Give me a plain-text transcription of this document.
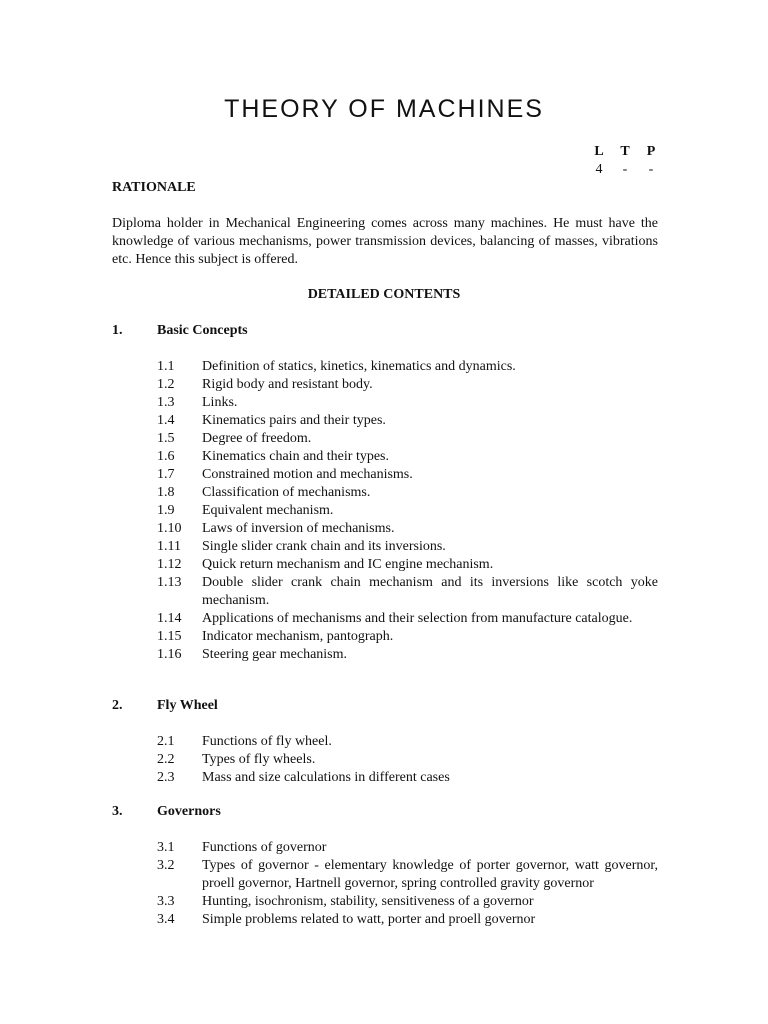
THEORY OF MACHINES
L	T	P
4	-	-
RATIONALE
Diploma holder in Mechanical Engineering comes across many machines. He must have the knowledge of various mechanisms, power transmission devices, balancing of masses, vibrations etc. Hence this subject is offered.
DETAILED CONTENTS
1.	Basic Concepts
1.1	Definition of statics, kinetics, kinematics and dynamics.
1.2	Rigid body and resistant body.
1.3	Links.
1.4	Kinematics pairs and their types.
1.5	Degree of freedom.
1.6	Kinematics chain and their types.
1.7	Constrained motion and mechanisms.
1.8	Classification of mechanisms.
1.9	Equivalent mechanism.
1.10	Laws of inversion of mechanisms.
1.11	Single slider crank chain and its inversions.
1.12	Quick return mechanism and IC engine mechanism.
1.13	Double slider crank chain mechanism and its inversions like scotch yoke mechanism.
1.14	Applications of mechanisms and their selection from manufacture catalogue.
1.15	Indicator mechanism, pantograph.
1.16	Steering gear mechanism.
2.	Fly Wheel
2.1	Functions of fly wheel.
2.2	Types of fly wheels.
2.3	Mass and size calculations in different cases
3.	Governors
3.1	Functions of governor
3.2	Types of governor - elementary knowledge of porter governor, watt governor, proell governor, Hartnell governor, spring controlled gravity governor
3.3	Hunting, isochronism, stability, sensitiveness of a governor
3.4	Simple problems related to watt, porter and proell governor
